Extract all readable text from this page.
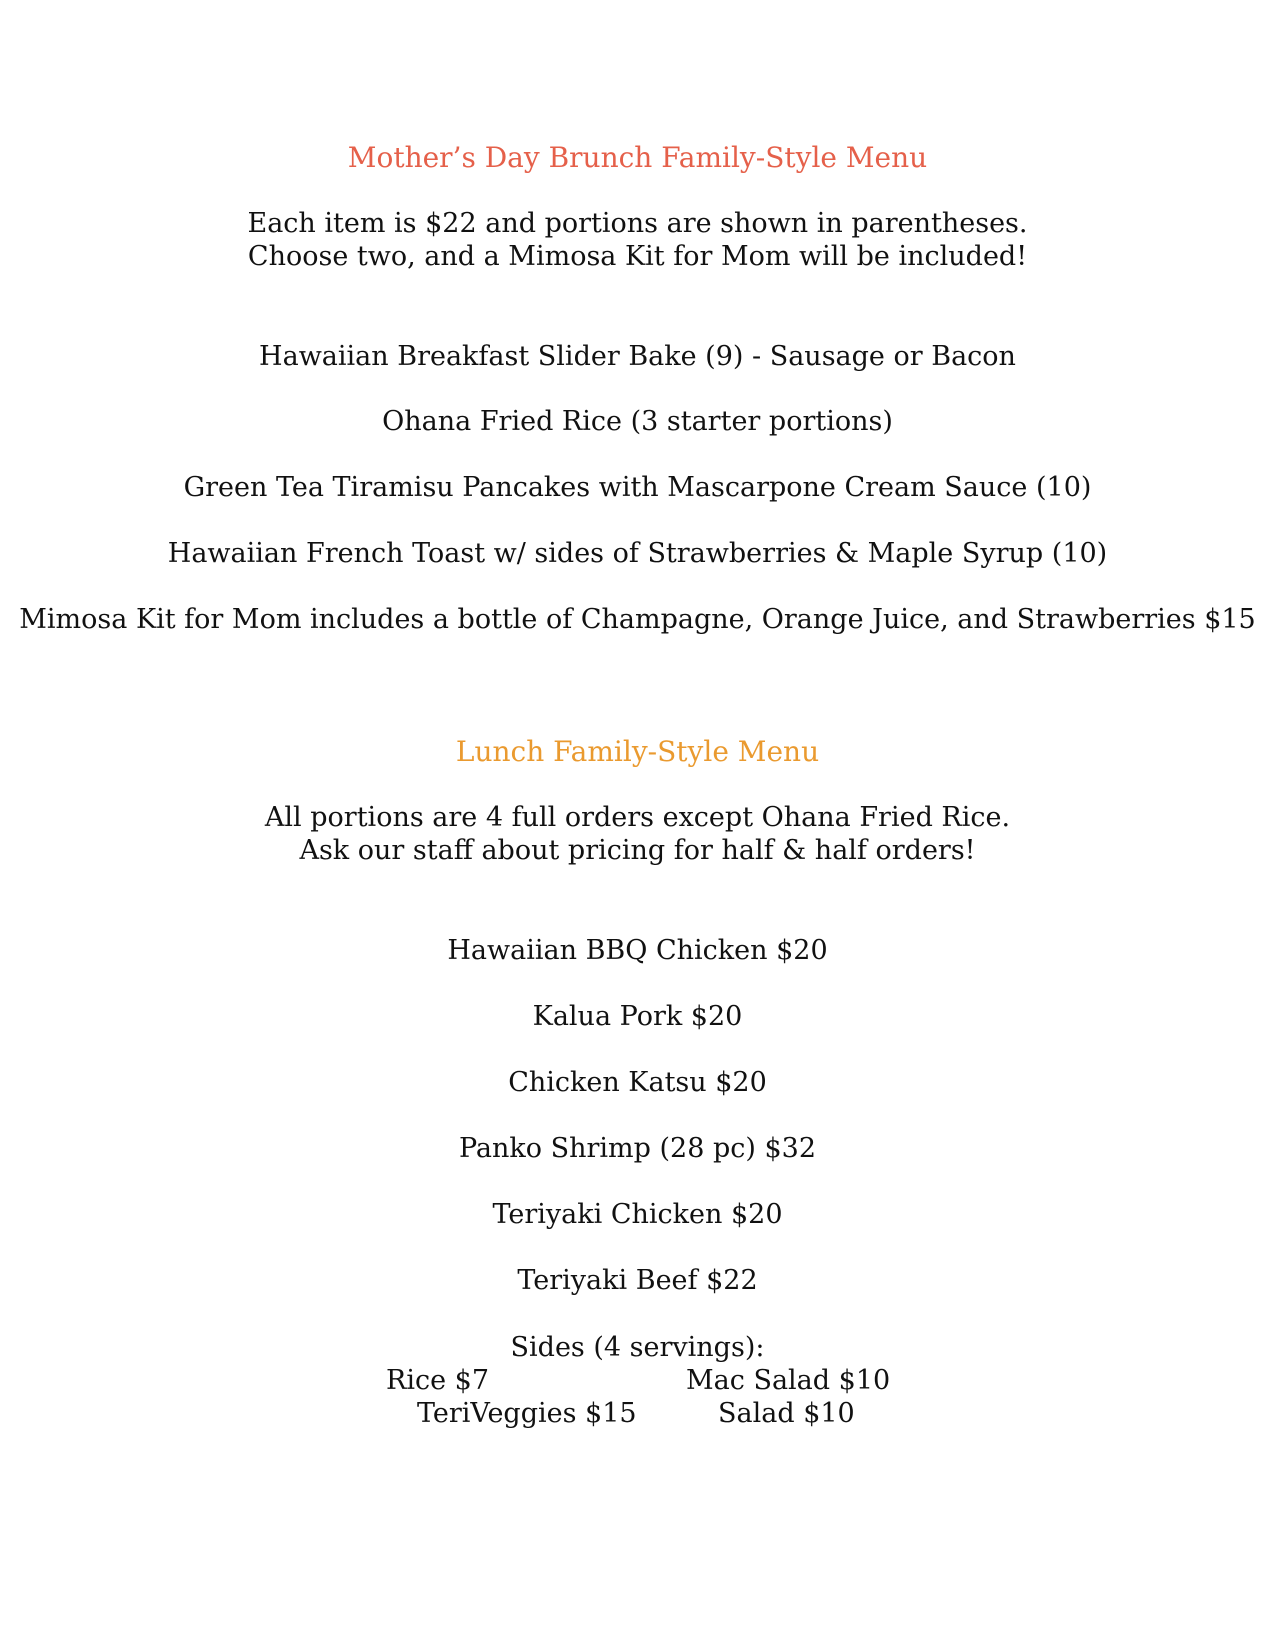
Mother’s Day Brunch Family-Style Menu
Each item is $22 and portions are shown in parentheses.
Choose two, and a Mimosa Kit for Mom will be included!
Hawaiian Breakfast Slider Bake (9) - Sausage or Bacon
Ohana Fried Rice (3 starter portions)
Green Tea Tiramisu Pancakes with Mascarpone Cream Sauce (10)
Hawaiian French Toast w/ sides of Strawberries & Maple Syrup (10)
Mimosa Kit for Mom includes a bottle of Champagne, Orange Juice, and Strawberries $15
Lunch Family-Style Menu
All portions are 4 full orders except Ohana Fried Rice.
Ask our staff about pricing for half & half orders!
Hawaiian BBQ Chicken $20
Kalua Pork $20
Chicken Katsu $20
Panko Shrimp (28 pc) $32
Teriyaki Chicken $20
Teriyaki Beef $22
Sides (4 servings):
Rice $7
TeriVeggies $15
Mac Salad $10
Salad $10
